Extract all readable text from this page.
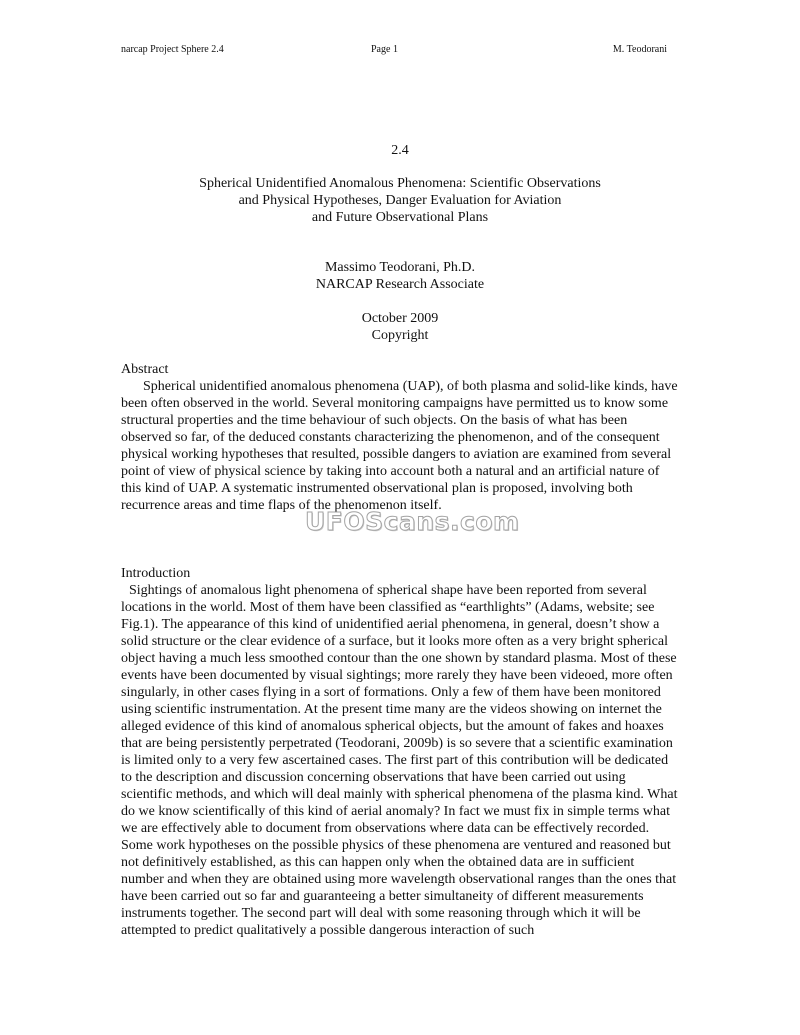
narcap Project Sphere 2.4	Page 1	M. Teodorani
2.4
Spherical Unidentified Anomalous Phenomena: Scientific Observations
and Physical Hypotheses, Danger Evaluation for Aviation
and Future Observational Plans
Massimo Teodorani, Ph.D.
NARCAP Research Associate
October 2009
Copyright
Abstract

Spherical unidentified anomalous phenomena (UAP), of both plasma and solid-like kinds, have been often observed in the world. Several monitoring campaigns have permitted us to know some structural properties and the time behaviour of such objects. On the basis of what has been observed so far, of the deduced constants characterizing the phenomenon, and of the consequent physical working hypotheses that resulted, possible dangers to aviation are examined from several point of view of physical science by taking into account both a natural and an artificial nature of this kind of UAP. A systematic instrumented observational plan is proposed, involving both recurrence areas and time flaps of the phenomenon itself.

UFOScans.com
Introduction

Sightings of anomalous light phenomena of spherical shape have been reported from several locations in the world. Most of them have been classified as “earthlights” (Adams, website; see Fig.1). The appearance of this kind of unidentified aerial phenomena, in general, doesn’t show a solid structure or the clear evidence of a surface, but it looks more often as a very bright spherical object having a much less smoothed contour than the one shown by standard plasma. Most of these events have been documented by visual sightings; more rarely they have been videoed, more often singularly, in other cases flying in a sort of formations. Only a few of them have been monitored using scientific instrumentation. At the present time many are the videos showing on internet the alleged evidence of this kind of anomalous spherical objects, but the amount of fakes and hoaxes that are being persistently perpetrated (Teodorani, 2009b) is so severe that a scientific examination is limited only to a very few ascertained cases. The first part of this contribution will be dedicated to the description and discussion concerning observations that have been carried out using scientific methods, and which will deal mainly with spherical phenomena of the plasma kind. What do we know scientifically of this kind of aerial anomaly? In fact we must fix in simple terms what we are effectively able to document from observations where data can be effectively recorded. Some work hypotheses on the possible physics of these phenomena are ventured and reasoned but not definitively established, as this can happen only when the obtained data are in sufficient number and when they are obtained using more wavelength observational ranges than the ones that have been carried out so far and guaranteeing a better simultaneity of different measurements instruments together. The second part will deal with some reasoning through which it will be attempted to predict qualitatively a possible dangerous interaction of such
